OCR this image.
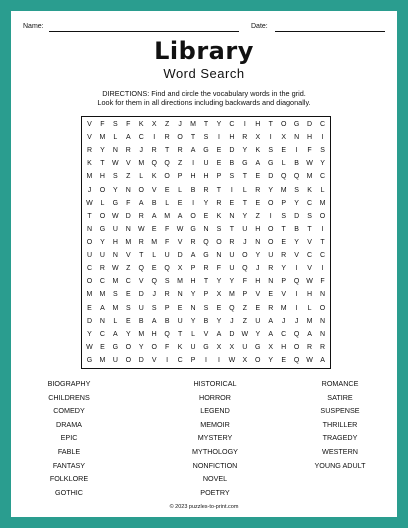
Name:	Date:
Library
Word Search
DIRECTIONS: Find and circle the vocabulary words in the grid.
Look for them in all directions including backwards and diagonally.
V	F	S	F	K	X	Z	J	M	T	Y	C	I	H	T	O	G	D	C
V	M	L	A	C	I	R	O	T	S	I	H	R	X	I	X	N	H	I
R	Y	N	R	J	R	T	R	A	G	E	D	Y	K	S	E	I	F	S
K	T	W	V	M	Q	Q	Z	I	U	E	B	G	A	G	L	B	W	Y
M	H	S	Z	L	K	O	P	H	H	P	S	T	E	D	Q	Q	M	C
J	O	Y	N	O	V	E	L	B	R	T	I	L	R	Y	M	S	K	L
W	L	G	F	A	B	L	E	I	Y	R	E	T	E	O	P	Y	C	M
T	O W	D	R	A	M	A	O	E	K	N	Y	Z	I	S	D	S	O
N	G	U	N	W	E	F	W G	N	S	T	U	H	O	T	B	T	I
O	Y	H	M	R	M	F	V	R	Q	O	R	J	N	O	E	Y	V	T
U	U	N	V	T	L	U	D	A	G	N	U	O	Y	U	R	V	C	C
C	R	W	Z	Q	E	Q	X	P	R	F	U	Q	J	R	Y	I	V	I
O	C	M	C	V	Q	S	M	H	T	Y	Y	F	H	N	P	Q W	F
M	M	S	E	D	J	R	N	Y	P	X	M	P	V	E	V	I	H	N
E	A	M	S	U	S	P	E	N	S	E	Q	Z	E	R	M	I	L	O
D	N	L	E	B	A	B	U	Y	B	Y	J	Z	U	A	J	J	M	N
Y	C	A	Y	M	H	Q	T	L	V	A	D	W	Y	A	C	Q	A	N
W	E	G	O	Y	O	F	K	U	G	X	X	U	G	X	H	O	R	R
G	M	U	O	D	V	I	C	P	I	I	W	X	O	Y	E	Q W	A
BIOGRAPHY
CHILDRENS
COMEDY
DRAMA
EPIC
FABLE
FANTASY
FOLKLORE
GOTHIC
HISTORICAL
HORROR
LEGEND
MEMOIR
MYSTERY
MYTHOLOGY
NONFICTION
NOVEL
POETRY
ROMANCE
SATIRE
SUSPENSE
THRILLER
TRAGEDY
WESTERN
YOUNG ADULT
© 2023 puzzles-to-print.com
